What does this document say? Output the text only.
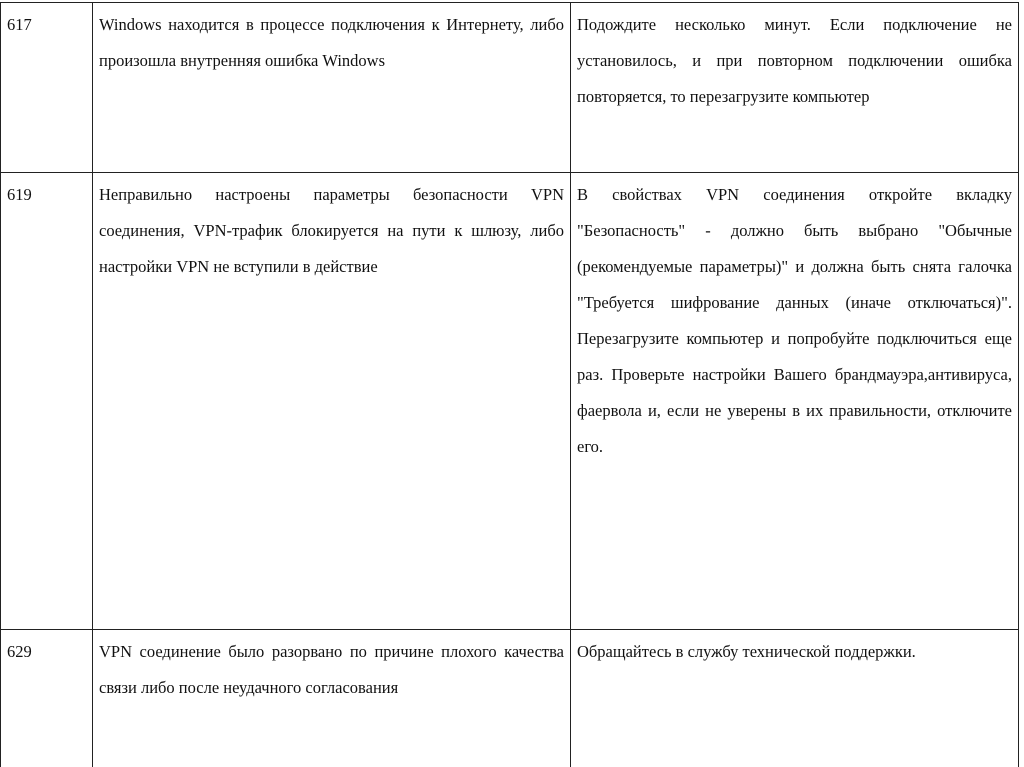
617	Windows находится в процессе подключения к Интернету, либо произошла внутренняя ошибка Windows	Подождите несколько минут. Если подключение не установилось, и при повторном подключении ошибка повторяется, то перезагрузите компьютер
619	Неправильно настроены параметры безопасности VPN соединения, VPN-трафик блокируется на пути к шлюзу, либо настройки VPN не вступили в действие	В свойствах VPN соединения откройте вкладку "Безопасность" - должно быть выбрано "Обычные (рекомендуемые параметры)" и должна быть снята галочка "Требуется шифрование данных (иначе отключаться)". Перезагрузите компьютер и попробуйте подключиться еще раз. Проверьте настройки Вашего брандмауэра,антивируса, фаервола и, если не уверены в их правильности, отключите его.
629	VPN соединение было разорвано по причине плохого качества связи либо после неудачного согласования	Обращайтесь в службу технической поддержки.
